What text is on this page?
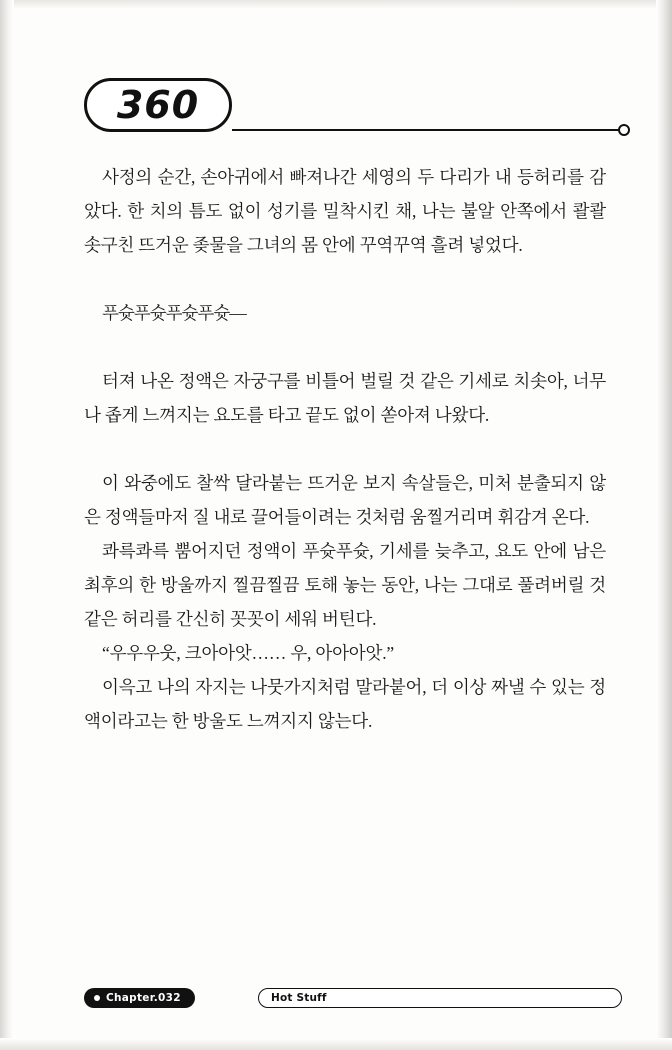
360

사정의 순간, 손아귀에서 빠져나간 세영의 두 다리가 내 등허리를 감았다. 한 치의 틈도 없이 성기를 밀착시킨 채, 나는 불알 안쪽에서 콸콸 솟구친 뜨거운 좆물을 그녀의 몸 안에 꾸역꾸역 흘려 넣었다.

푸슛푸슛푸슛푸슛―

터져 나온 정액은 자궁구를 비틀어 벌릴 것 같은 기세로 치솟아, 너무나 좁게 느껴지는 요도를 타고 끝도 없이 쏟아져 나왔다.

이 와중에도 찰싹 달라붙는 뜨거운 보지 속살들은, 미처 분출되지 않은 정액들마저 질 내로 끌어들이려는 것처럼 움찔거리며 휘감겨 온다.

콰륵콰륵 뿜어지던 정액이 푸슛푸슛, 기세를 늦추고, 요도 안에 남은 최후의 한 방울까지 찔끔찔끔 토해 놓는 동안, 나는 그대로 풀려버릴 것 같은 허리를 간신히 꼿꼿이 세워 버틴다.

“우우우웃, 크아아앗…… 우, 아아아앗.”

이윽고 나의 자지는 나뭇가지처럼 말라붙어, 더 이상 짜낼 수 있는 정액이라고는 한 방울도 느껴지지 않는다.

Chapter.032	Hot Stuff
